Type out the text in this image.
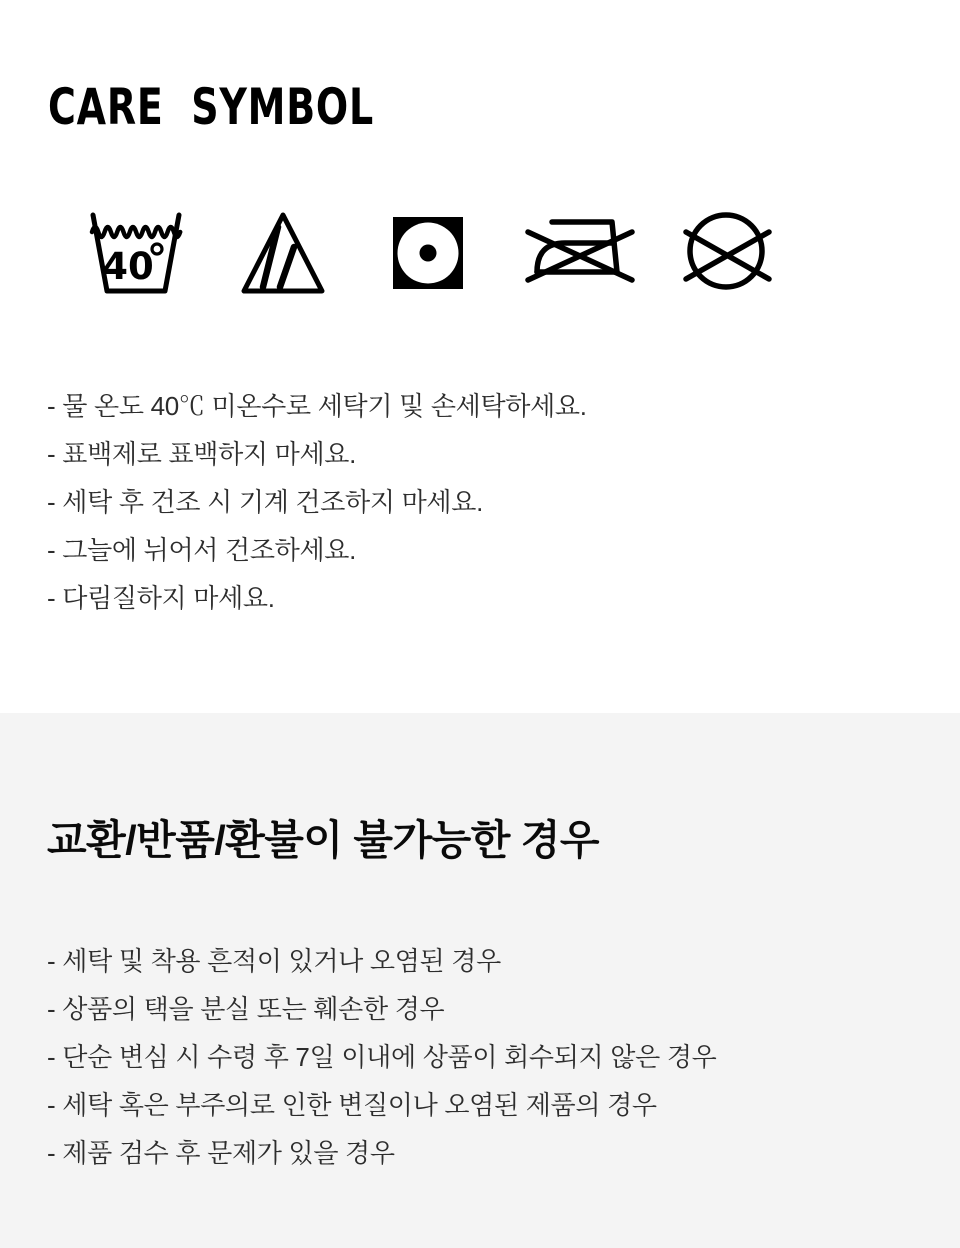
CARE SYMBOL
40
- 물 온도 40℃ 미온수로 세탁기 및 손세탁하세요.
- 표백제로 표백하지 마세요.
- 세탁 후 건조 시 기계 건조하지 마세요.
- 그늘에 뉘어서 건조하세요.
- 다림질하지 마세요.
교환/반품/환불이 불가능한 경우
- 세탁 및 착용 흔적이 있거나 오염된 경우
- 상품의 택을 분실 또는 훼손한 경우
- 단순 변심 시 수령 후 7일 이내에 상품이 회수되지 않은 경우
- 세탁 혹은 부주의로 인한 변질이나 오염된 제품의 경우
- 제품 검수 후 문제가 있을 경우
